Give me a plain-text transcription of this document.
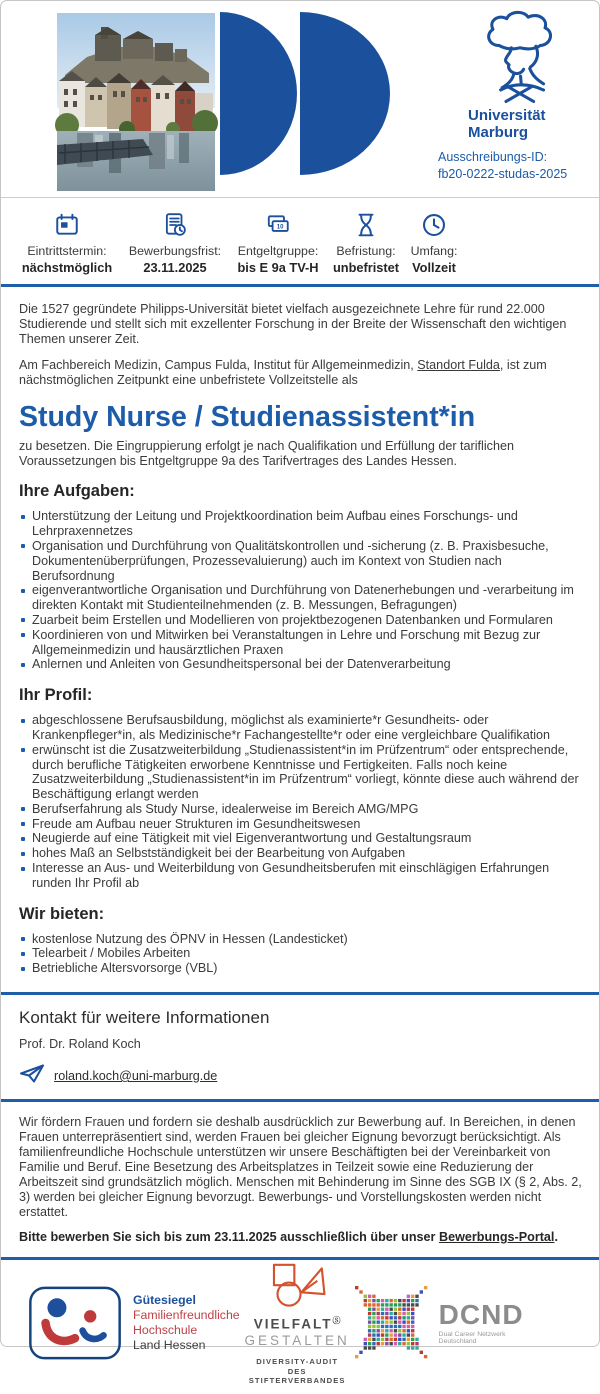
Universität
Marburg
Ausschreibungs-ID:
fb20-0222-studas-2025
Eintrittstermin:
nächstmöglich
Bewerbungsfrist:
23.11.2025
10
Entgeltgruppe:
bis E 9a TV-H
Befristung:
unbefristet
Umfang:
Vollzeit

Die 1527 gegründete Philipps-Universität bietet vielfach ausgezeichnete Lehre für rund 22.000 Studierende und stellt sich mit exzellenter Forschung in der Breite der Wissenschaft den wichtigen Themen unserer Zeit.

Am Fachbereich Medizin, Campus Fulda, Institut für Allgemeinmedizin, Standort Fulda, ist zum nächstmöglichen Zeitpunkt eine unbefristete Vollzeitstelle als

Study Nurse / Studienassistent*in

zu besetzen. Die Eingruppierung erfolgt je nach Qualifikation und Erfüllung der tariflichen Voraussetzungen bis Entgeltgruppe 9a des Tarifvertrages des Landes Hessen.

Ihre Aufgaben:
Unterstützung der Leitung und Projektkoordination beim Aufbau eines Forschungs- und Lehrpraxennetzes
Organisation und Durchführung von Qualitätskontrollen und -sicherung (z. B. Praxisbesuche, Dokumentenüberprüfungen, Prozessevaluierung) auch im Kontext von Studien nach Berufsordnung
eigenverantwortliche Organisation und Durchführung von Datenerhebungen und -verarbeitung im direkten Kontakt mit Studienteilnehmenden (z. B. Messungen, Befragungen)
Zuarbeit beim Erstellen und Modellieren von projektbezogenen Datenbanken und Formularen
Koordinieren von und Mitwirken bei Veranstaltungen in Lehre und Forschung mit Bezug zur Allgemeinmedizin und hausärztlichen Praxen
Anlernen und Anleiten von Gesundheitspersonal bei der Datenverarbeitung
Ihr Profil:
abgeschlossene Berufsausbildung, möglichst als examinierte*r Gesundheits- oder Krankenpfleger*in, als Medizinische*r Fachangestellte*r oder eine vergleichbare Qualifikation
erwünscht ist die Zusatzweiterbildung „Studienassistent*in im Prüfzentrum“ oder entsprechende, durch berufliche Tätigkeiten erworbene Kenntnisse und Fertigkeiten. Falls noch keine Zusatzweiterbildung „Studienassistent*in im Prüfzentrum“ vorliegt, könnte diese auch während der Beschäftigung erlangt werden
Berufserfahrung als Study Nurse, idealerweise im Bereich AMG/MPG
Freude am Aufbau neuer Strukturen im Gesundheitswesen
Neugierde auf eine Tätigkeit mit viel Eigenverantwortung und Gestaltungsraum
hohes Maß an Selbstständigkeit bei der Bearbeitung von Aufgaben
Interesse an Aus- und Weiterbildung von Gesundheitsberufen mit einschlägigen Erfahrungen runden Ihr Profil ab
Wir bieten:
kostenlose Nutzung des ÖPNV in Hessen (Landesticket)
Telearbeit / Mobiles Arbeiten
Betriebliche Altersvorsorge (VBL)
Kontakt für weitere Informationen

Prof. Dr. Roland Koch

roland.koch@uni-marburg.de

Wir fördern Frauen und fordern sie deshalb ausdrücklich zur Bewerbung auf. In Bereichen, in denen Frauen unterrepräsentiert sind, werden Frauen bei gleicher Eignung bevorzugt berücksichtigt. Als familienfreundliche Hochschule unterstützen wir unsere Beschäftigten bei der Vereinbarkeit von Familie und Beruf. Eine Besetzung des Arbeitsplatzes in Teilzeit sowie eine Reduzierung der Arbeitszeit sind grundsätzlich möglich. Menschen mit Behinderung im Sinne des SGB IX (§ 2, Abs. 2, 3) werden bei gleicher Eignung bevorzugt. Bewerbungs- und Vorstellungskosten werden nicht erstattet.

Bitte bewerben Sie sich bis zum 23.11.2025 ausschließlich über unser Bewerbungs-Portal.

Gütesiegel
Familienfreundliche
Hochschule
Land Hessen
VIELFALTⓈ
GESTALTEN
DIVERSITY-AUDIT
DES STIFTERVERBANDES
DCND
Dual Career Netzwerk Deutschland
